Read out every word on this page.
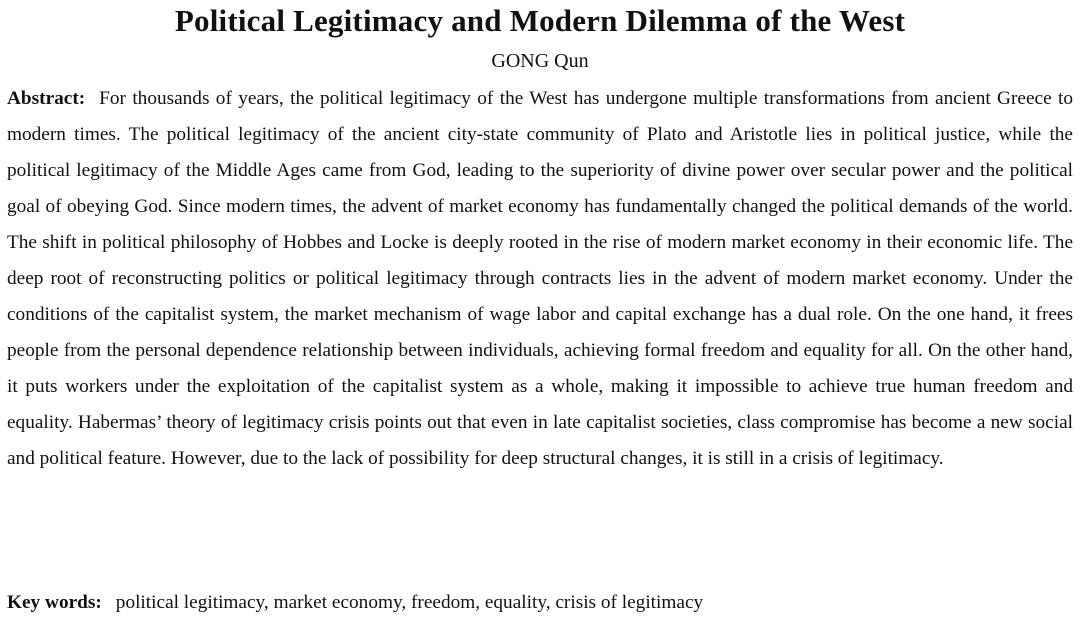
Political Legitimacy and Modern Dilemma of the West
GONG Qun
Abstract: For thousands of years, the political legitimacy of the West has undergone multiple transformations from ancient Greece to modern times. The political legitimacy of the ancient city-state community of Plato and Aristotle lies in political justice, while the political legitimacy of the Middle Ages came from God, leading to the superiority of divine power over secular power and the political goal of obeying God. Since modern times, the advent of market economy has fundamentally changed the political demands of the world. The shift in political philosophy of Hobbes and Locke is deeply rooted in the rise of modern market economy in their economic life. The deep root of reconstructing politics or political legitimacy through contracts lies in the advent of modern market economy. Under the conditions of the capitalist system, the market mechanism of wage labor and capital exchange has a dual role. On the one hand, it frees people from the personal dependence relationship between individuals, achieving formal freedom and equality for all. On the other hand, it puts workers under the exploitation of the capitalist system as a whole, making it impossible to achieve true human freedom and equality. Habermas’ theory of legitimacy crisis points out that even in late capitalist societies, class compromise has become a new social and political feature. However, due to the lack of possibility for deep structural changes, it is still in a crisis of legitimacy.
Key words: political legitimacy, market economy, freedom, equality, crisis of legitimacy
